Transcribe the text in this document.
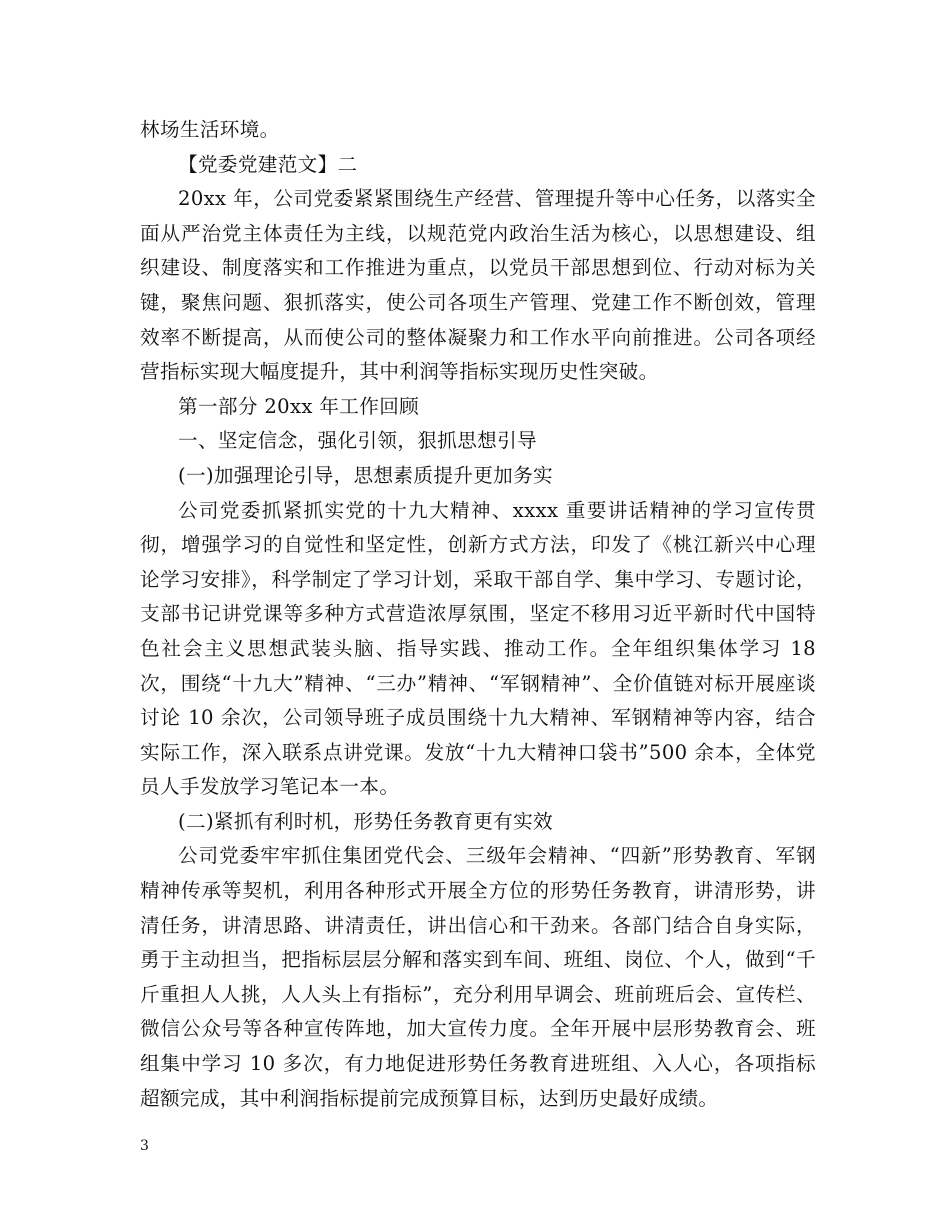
林场生活环境。

【党委党建范文】二

20xx 年，公司党委紧紧围绕生产经营、管理提升等中心任务，以落实全面从严治党主体责任为主线，以规范党内政治生活为核心，以思想建设、组织建设、制度落实和工作推进为重点，以党员干部思想到位、行动对标为关键，聚焦问题、狠抓落实，使公司各项生产管理、党建工作不断创效，管理效率不断提高，从而使公司的整体凝聚力和工作水平向前推进。公司各项经营指标实现大幅度提升，其中利润等指标实现历史性突破。

第一部分 20xx 年工作回顾

一、坚定信念，强化引领，狠抓思想引导

(一)加强理论引导，思想素质提升更加务实

公司党委抓紧抓实党的十九大精神、xxxx 重要讲话精神的学习宣传贯彻，增强学习的自觉性和坚定性，创新方式方法，印发了《桃江新兴中心理论学习安排》，科学制定了学习计划，采取干部自学、集中学习、专题讨论，支部书记讲党课等多种方式营造浓厚氛围，坚定不移用习近平新时代中国特色社会主义思想武装头脑、指导实践、推动工作。全年组织集体学习 18 次，围绕“十九大”精神、“三办”精神、“军钢精神”、全价值链对标开展座谈讨论 10 余次，公司领导班子成员围绕十九大精神、军钢精神等内容，结合实际工作，深入联系点讲党课。发放“十九大精神口袋书”500 余本，全体党员人手发放学习笔记本一本。

(二)紧抓有利时机，形势任务教育更有实效

公司党委牢牢抓住集团党代会、三级年会精神、“四新”形势教育、军钢精神传承等契机，利用各种形式开展全方位的形势任务教育，讲清形势，讲清任务，讲清思路、讲清责任，讲出信心和干劲来。各部门结合自身实际，勇于主动担当，把指标层层分解和落实到车间、班组、岗位、个人，做到“千斤重担人人挑，人人头上有指标”，充分利用早调会、班前班后会、宣传栏、微信公众号等各种宣传阵地，加大宣传力度。全年开展中层形势教育会、班组集中学习 10 多次，有力地促进形势任务教育进班组、入人心，各项指标超额完成，其中利润指标提前完成预算目标，达到历史最好成绩。

3
